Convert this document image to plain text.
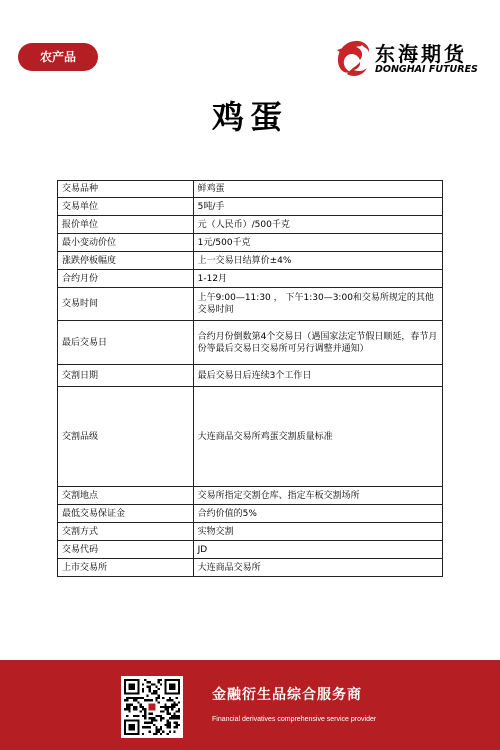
农产品	东海期货
DONGHAI FUTURES
鸡蛋
交易品种	鲜鸡蛋
交易单位	5吨/手
报价单位	元（人民币）/500千克
最小变动价位	1元/500千克
涨跌停板幅度	上一交易日结算价±4%
合约月份	1-12月
交易时间	上午9:00—11:30 ， 下午1:30—3:00和交易所规定的其他交易时间
最后交易日	合约月份倒数第4个交易日（遇国家法定节假日顺延，春节月份等最后交易日交易所可另行调整并通知）
交割日期	最后交易日后连续3个工作日
交割品级	大连商品交易所鸡蛋交割质量标准
交割地点	交易所指定交割仓库、指定车板交割场所
最低交易保证金	合约价值的5%
交割方式	实物交割
交易代码	JD
上市交易所	大连商品交易所
金融衍生品综合服务商
Financial derivatives comprehensive service provider
